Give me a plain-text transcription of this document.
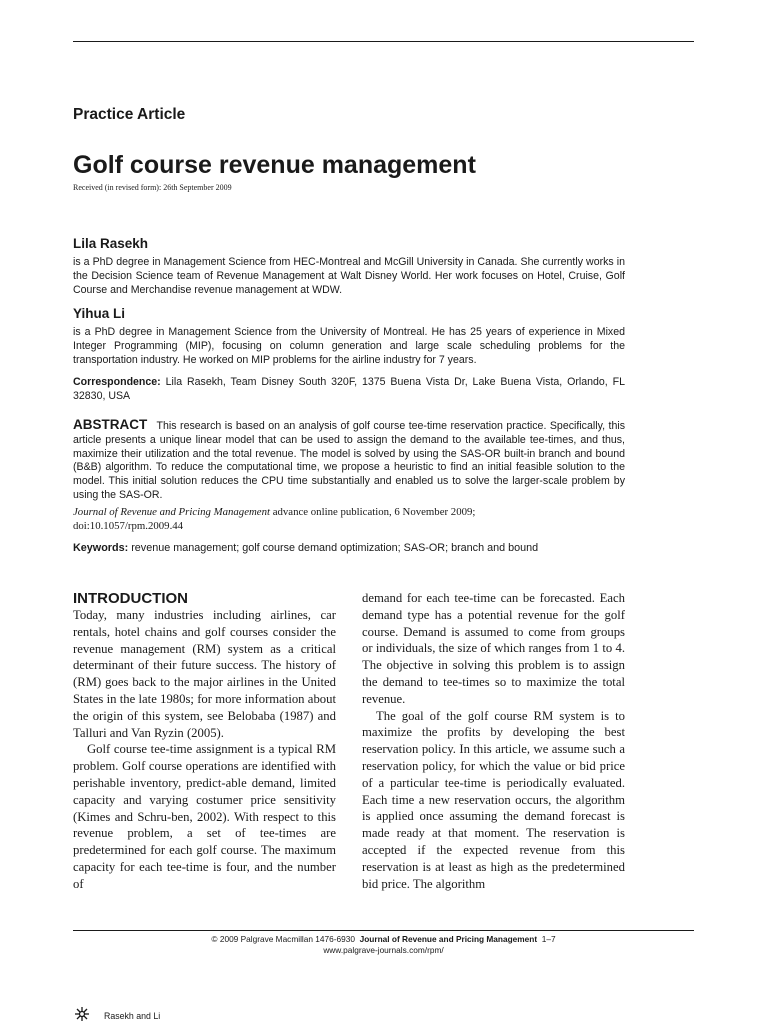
Practice Article
Golf course revenue management
Received (in revised form): 26th September 2009
Lila Rasekh
is a PhD degree in Management Science from HEC-Montreal and McGill University in Canada. She currently works in the Decision Science team of Revenue Management at Walt Disney World. Her work focuses on Hotel, Cruise, Golf Course and Merchandise revenue management at WDW.
Yihua Li
is a PhD degree in Management Science from the University of Montreal. He has 25 years of experience in Mixed Integer Programming (MIP), focusing on column generation and large scale scheduling problems for the transportation industry. He worked on MIP problems for the airline industry for 7 years.
Correspondence: Lila Rasekh, Team Disney South 320F, 1375 Buena Vista Dr, Lake Buena Vista, Orlando, FL 32830, USA
ABSTRACT This research is based on an analysis of golf course tee-time reservation practice. Specifically, this article presents a unique linear model that can be used to assign the demand to the available tee-times, and thus, maximize their utilization and the total revenue. The model is solved by using the SAS-OR built-in branch and bound (B&B) algorithm. To reduce the computational time, we propose a heuristic to find an initial feasible solution to the model. This initial solution reduces the CPU time substantially and enabled us to solve the larger-scale problem by using the SAS-OR.
Journal of Revenue and Pricing Management advance online publication, 6 November 2009;
doi:10.1057/rpm.2009.44
Keywords: revenue management; golf course demand optimization; SAS-OR; branch and bound
INTRODUCTION

Today, many industries including airlines, car rentals, hotel chains and golf courses consider the revenue management (RM) system as a critical determinant of their future success. The history of (RM) goes back to the major airlines in the United States in the late 1980s; for more information about the origin of this system, see Belobaba (1987) and Talluri and Van Ryzin (2005).

Golf course tee-time assignment is a typical RM problem. Golf course operations are identified with perishable inventory, predict-able demand, limited capacity and varying costumer price sensitivity (Kimes and Schru-ben, 2002). With respect to this revenue problem, a set of tee-times are predetermined for each golf course. The maximum capacity for each tee-time is four, and the number of

demand for each tee-time can be forecasted. Each demand type has a potential revenue for the golf course. Demand is assumed to come from groups or individuals, the size of which ranges from 1 to 4. The objective in solving this problem is to assign the demand to tee-times so to maximize the total revenue.

The goal of the golf course RM system is to maximize the profits by developing the best reservation policy. In this article, we assume such a reservation policy, for which the value or bid price of a particular tee-time is periodically evaluated. Each time a new reservation occurs, the algorithm is applied once assuming the demand forecast is made ready at that moment. The reservation is accepted if the expected revenue from this reservation is at least as high as the predetermined bid price. The algorithm

© 2009 Palgrave Macmillan 1476-6930 Journal of Revenue and Pricing Management 1–7
www.palgrave-journals.com/rpm/
Rasekh and Li
